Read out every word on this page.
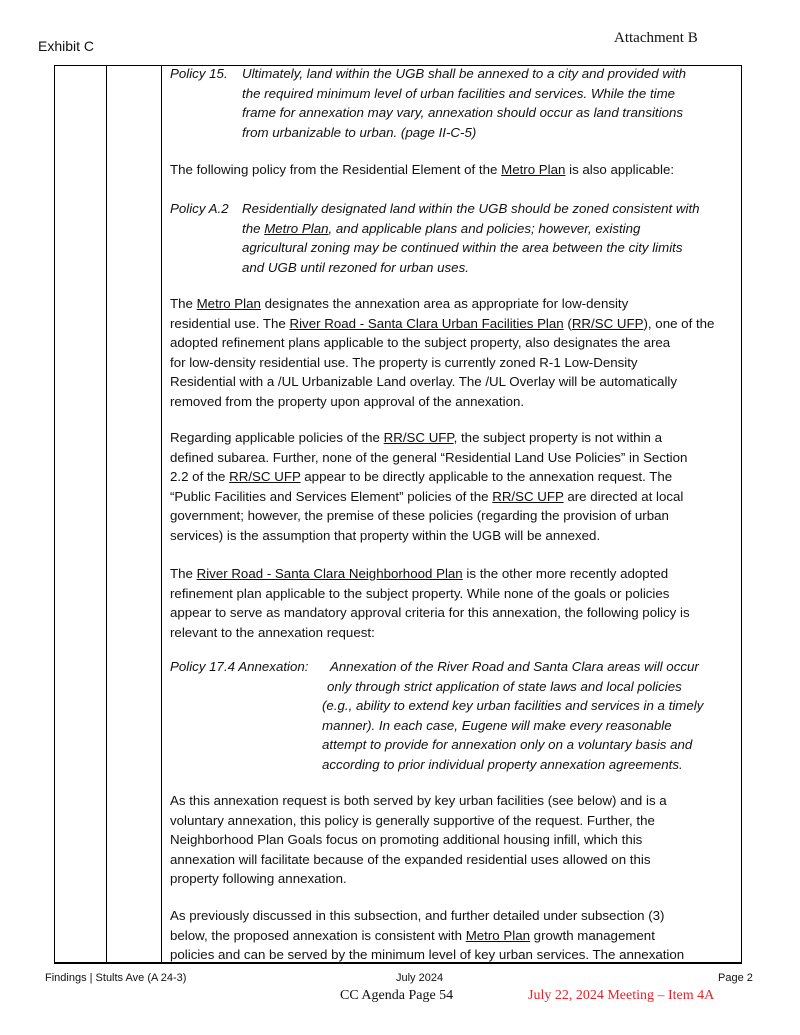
Exhibit C	Attachment B
Policy 15.	Ultimately, land within the UGB shall be annexed to a city and provided with
the required minimum level of urban facilities and services. While the time
frame for annexation may vary, annexation should occur as land transitions
from urbanizable to urban. (page II-C-5)
The following policy from the Residential Element of the Metro Plan is also applicable:
Policy A.2	Residentially designated land within the UGB should be zoned consistent with
the Metro Plan, and applicable plans and policies; however, existing
agricultural zoning may be continued within the area between the city limits
and UGB until rezoned for urban uses.
The Metro Plan designates the annexation area as appropriate for low-density
residential use. The River Road - Santa Clara Urban Facilities Plan (RR/SC UFP), one of the
adopted refinement plans applicable to the subject property, also designates the area
for low-density residential use. The property is currently zoned R-1 Low-Density
Residential with a /UL Urbanizable Land overlay. The /UL Overlay will be automatically
removed from the property upon approval of the annexation.
Regarding applicable policies of the RR/SC UFP, the subject property is not within a
defined subarea. Further, none of the general “Residential Land Use Policies” in Section
2.2 of the RR/SC UFP appear to be directly applicable to the annexation request. The
“Public Facilities and Services Element” policies of the RR/SC UFP are directed at local
government; however, the premise of these policies (regarding the provision of urban
services) is the assumption that property within the UGB will be annexed.
The River Road - Santa Clara Neighborhood Plan is the other more recently adopted
refinement plan applicable to the subject property. While none of the goals or policies
appear to serve as mandatory approval criteria for this annexation, the following policy is
relevant to the annexation request:
Policy 17.4 Annexation:	Annexation of the River Road and Santa Clara areas will occur
only through strict application of state laws and local policies
(e.g., ability to extend key urban facilities and services in a timely
manner). In each case, Eugene will make every reasonable
attempt to provide for annexation only on a voluntary basis and
according to prior individual property annexation agreements.
As this annexation request is both served by key urban facilities (see below) and is a
voluntary annexation, this policy is generally supportive of the request. Further, the
Neighborhood Plan Goals focus on promoting additional housing infill, which this
annexation will facilitate because of the expanded residential uses allowed on this
property following annexation.
As previously discussed in this subsection, and further detailed under subsection (3)
below, the proposed annexation is consistent with Metro Plan growth management
policies and can be served by the minimum level of key urban services. The annexation
Findings | Stults Ave (A 24-3)	July 2024	Page 2
CC Agenda Page 54	July 22, 2024 Meeting – Item 4A
